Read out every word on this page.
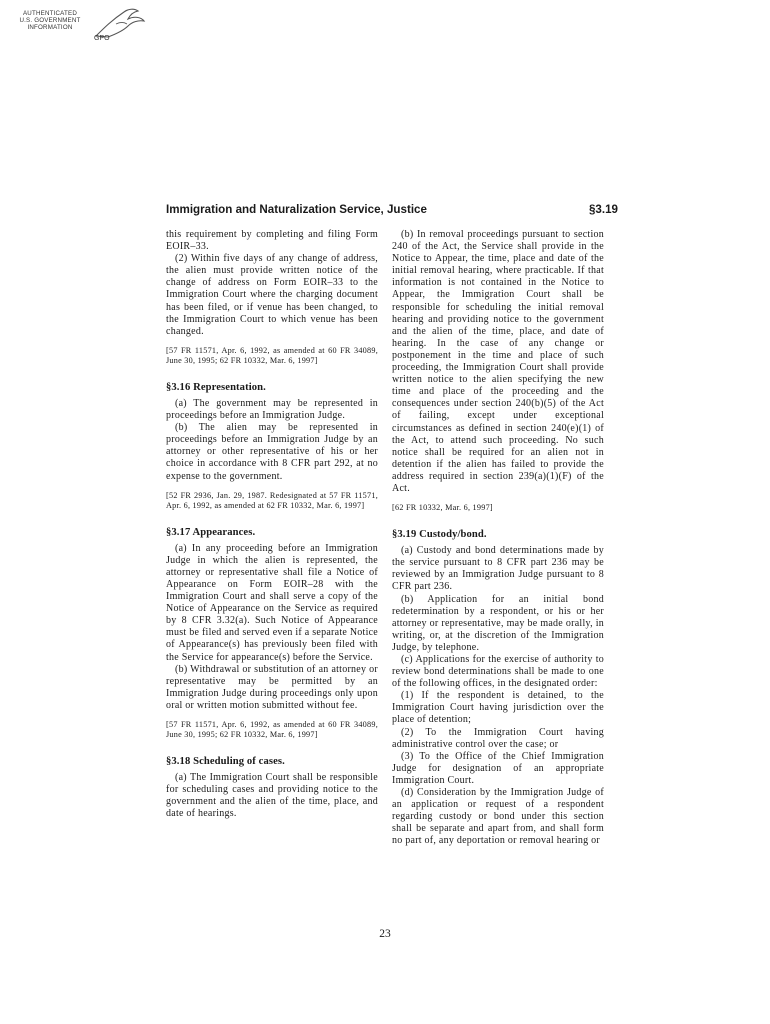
AUTHENTICATED
U.S. GOVERNMENT
INFORMATION
GPO
Immigration and Naturalization Service, Justice	§3.19

this requirement by completing and filing Form EOIR–33.

(2) Within five days of any change of address, the alien must provide written notice of the change of address on Form EOIR–33 to the Immigration Court where the charging document has been filed, or if venue has been changed, to the Immigration Court to which venue has been changed.

[57 FR 11571, Apr. 6, 1992, as amended at 60 FR 34089, June 30, 1995; 62 FR 10332, Mar. 6, 1997]

§3.16 Representation.

(a) The government may be represented in proceedings before an Immigration Judge.

(b) The alien may be represented in proceedings before an Immigration Judge by an attorney or other representative of his or her choice in accordance with 8 CFR part 292, at no expense to the government.

[52 FR 2936, Jan. 29, 1987. Redesignated at 57 FR 11571, Apr. 6, 1992, as amended at 62 FR 10332, Mar. 6, 1997]

§3.17 Appearances.

(a) In any proceeding before an Immigration Judge in which the alien is represented, the attorney or representative shall file a Notice of Appearance on Form EOIR–28 with the Immigration Court and shall serve a copy of the Notice of Appearance on the Service as required by 8 CFR 3.32(a). Such Notice of Appearance must be filed and served even if a separate Notice of Appearance(s) has previously been filed with the Service for appearance(s) before the Service.

(b) Withdrawal or substitution of an attorney or representative may be permitted by an Immigration Judge during proceedings only upon oral or written motion submitted without fee.

[57 FR 11571, Apr. 6, 1992, as amended at 60 FR 34089, June 30, 1995; 62 FR 10332, Mar. 6, 1997]

§3.18 Scheduling of cases.

(a) The Immigration Court shall be responsible for scheduling cases and providing notice to the government and the alien of the time, place, and date of hearings.

(b) In removal proceedings pursuant to section 240 of the Act, the Service shall provide in the Notice to Appear, the time, place and date of the initial removal hearing, where practicable. If that information is not contained in the Notice to Appear, the Immigration Court shall be responsible for scheduling the initial removal hearing and providing notice to the government and the alien of the time, place, and date of hearing. In the case of any change or postponement in the time and place of such proceeding, the Immigration Court shall provide written notice to the alien specifying the new time and place of the proceeding and the consequences under section 240(b)(5) of the Act of failing, except under exceptional circumstances as defined in section 240(e)(1) of the Act, to attend such proceeding. No such notice shall be required for an alien not in detention if the alien has failed to provide the address required in section 239(a)(1)(F) of the Act.

[62 FR 10332, Mar. 6, 1997]

§3.19 Custody/bond.

(a) Custody and bond determinations made by the service pursuant to 8 CFR part 236 may be reviewed by an Immigration Judge pursuant to 8 CFR part 236.

(b) Application for an initial bond redetermination by a respondent, or his or her attorney or representative, may be made orally, in writing, or, at the discretion of the Immigration Judge, by telephone.

(c) Applications for the exercise of authority to review bond determinations shall be made to one of the following offices, in the designated order:

(1) If the respondent is detained, to the Immigration Court having jurisdiction over the place of detention;

(2) To the Immigration Court having administrative control over the case; or

(3) To the Office of the Chief Immigration Judge for designation of an appropriate Immigration Court.

(d) Consideration by the Immigration Judge of an application or request of a respondent regarding custody or bond under this section shall be separate and apart from, and shall form no part of, any deportation or removal hearing or

23
